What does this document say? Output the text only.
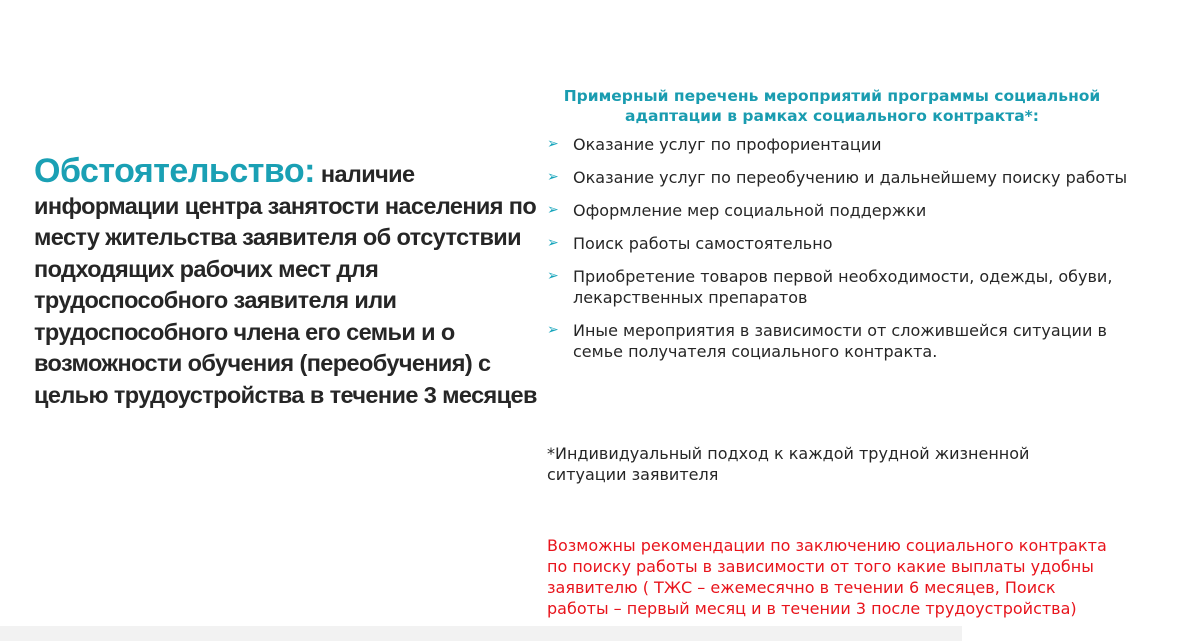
Обстоятельство: наличие информации центра занятости населения по месту жительства заявителя об отсутствии подходящих рабочих мест для трудоспособного заявителя или трудоспособного члена его семьи и о возможности обучения (переобучения) с целью трудоустройства в течение 3 месяцев
Примерный перечень мероприятий программы социальной адаптации в рамках социального контракта*:
➢ Оказание услуг по профориентации
➢ Оказание услуг по переобучению и дальнейшему поиску работы
➢ Оформление мер социальной поддержки
➢ Поиск работы самостоятельно
➢ Приобретение товаров первой необходимости, одежды, обуви, лекарственных препаратов
➢ Иные мероприятия в зависимости от сложившейся ситуации в семье получателя социального контракта.
*Индивидуальный подход к каждой трудной жизненной ситуации заявителя
Возможны рекомендации по заключению социального контракта по поиску работы в зависимости от того какие выплаты удобны заявителю ( ТЖС – ежемесячно в течении 6 месяцев, Поиск работы – первый месяц и в течении 3 после трудоустройства)
